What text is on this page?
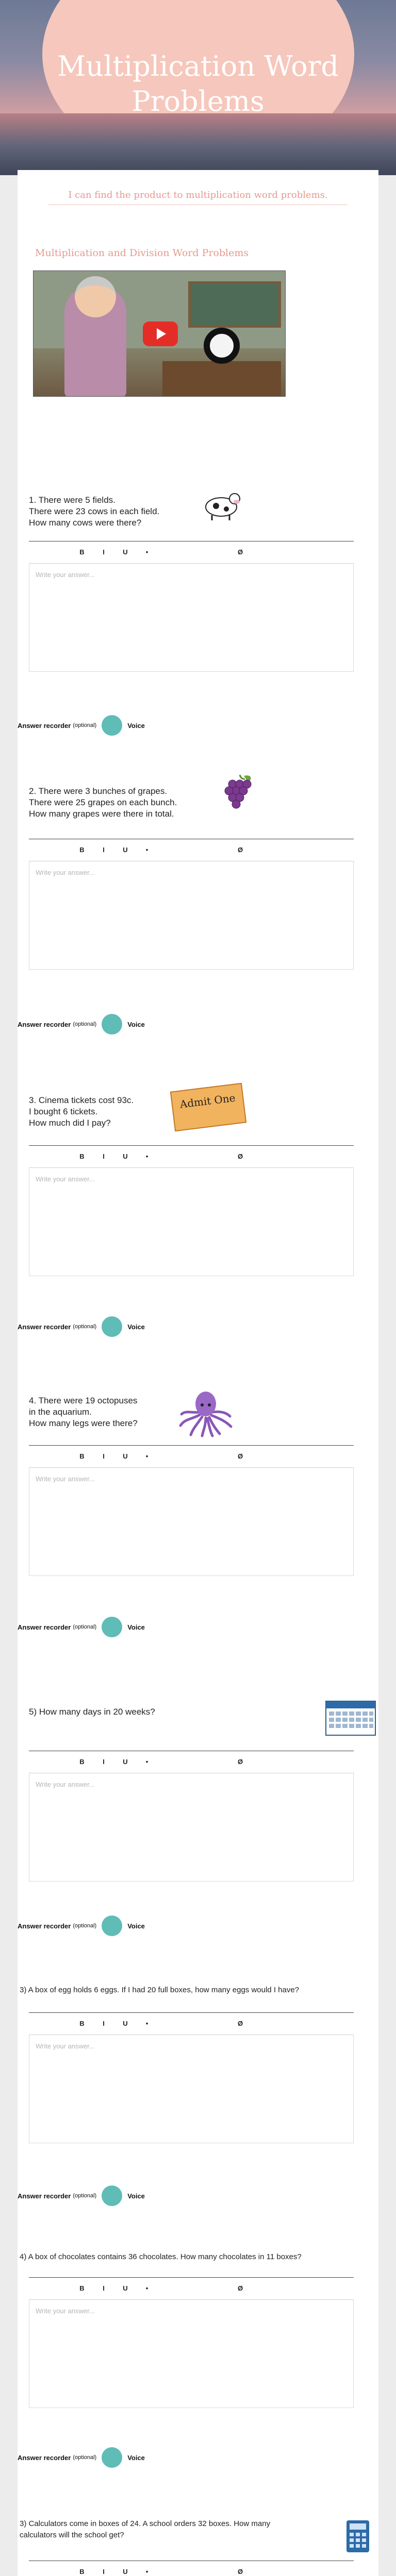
Multiplication Word Problems
I can find the product to multiplication word problems.
Multiplication and Division Word Problems
1. There were 5 fields.
There were 23 cows in each field.
How many cows were there?
B	I	U	•	Ø
Write your answer...
Answer recorder (optional)	Voice
2. There were 3 bunches of grapes.
There were 25 grapes on each bunch.
How many grapes were there in total.
B	I	U	•	Ø
Write your answer...
Answer recorder (optional)	Voice
3. Cinema tickets cost 93c.
I bought 6 tickets.
How much did I pay?
Admit One
B	I	U	•	Ø
Write your answer...
Answer recorder (optional)	Voice
4. There were 19 octopuses
in the aquarium.
How many legs were there?
B	I	U	•	Ø
Write your answer...
Answer recorder (optional)	Voice
5) How many days in 20 weeks?
B	I	U	•	Ø
Write your answer...
Answer recorder (optional)	Voice
3) A box of egg holds 6 eggs. If I had 20 full boxes, how many eggs would I have?
B	I	U	•	Ø
Write your answer...
Answer recorder (optional)	Voice
4) A box of chocolates contains 36 chocolates. How many chocolates in 11 boxes?
B	I	U	•	Ø
Write your answer...
Answer recorder (optional)	Voice
3) Calculators come in boxes of 24. A school orders 32 boxes. How many
calculators will the school get?
B	I	U	•	Ø
